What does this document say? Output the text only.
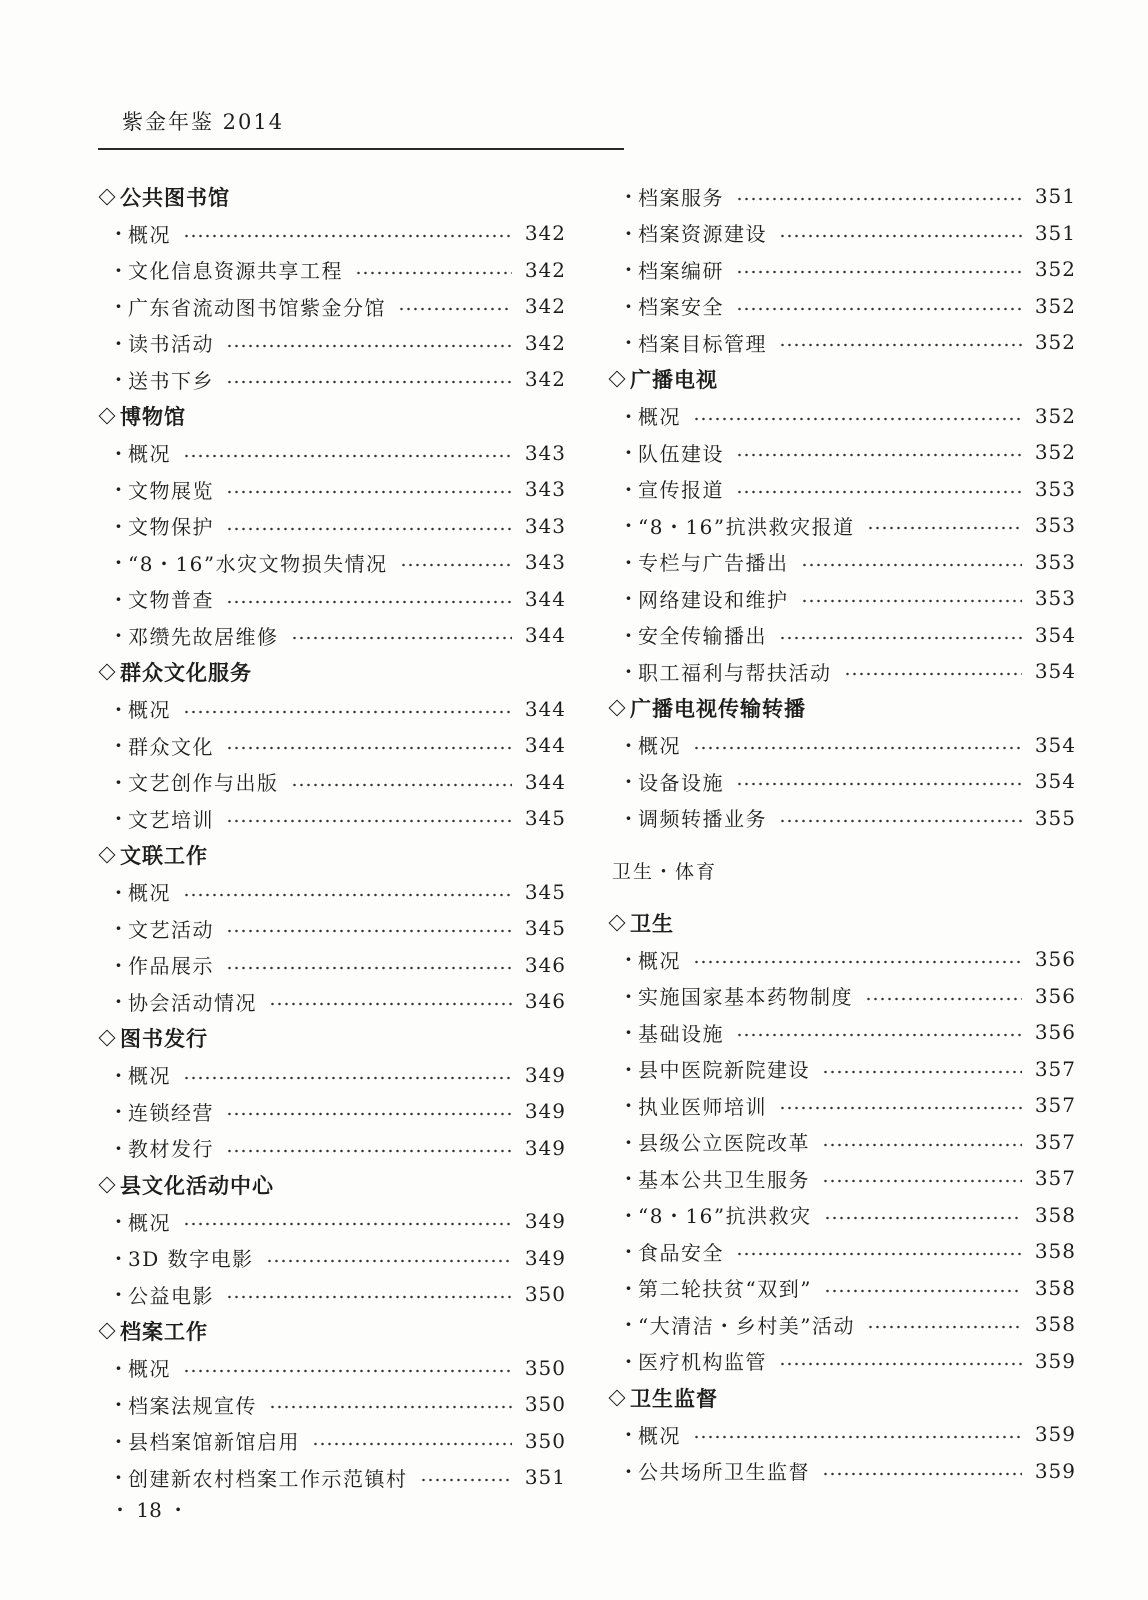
紫金年鉴 2014
公共图书馆
· 概况	342
· 文化信息资源共享工程	342
· 广东省流动图书馆紫金分馆	342
· 读书活动	342
· 送书下乡	342
博物馆
· 概况	343
· 文物展览	343
· 文物保护	343
· “8・16”水灾文物损失情况	343
· 文物普查	344
· 邓缵先故居维修	344
群众文化服务
· 概况	344
· 群众文化	344
· 文艺创作与出版	344
· 文艺培训	345
文联工作
· 概况	345
· 文艺活动	345
· 作品展示	346
· 协会活动情况	346
图书发行
· 概况	349
· 连锁经营	349
· 教材发行	349
县文化活动中心
· 概况	349
· 3D 数字电影	349
· 公益电影	350
档案工作
· 概况	350
· 档案法规宣传	350
· 县档案馆新馆启用	350
· 创建新农村档案工作示范镇村	351
· 档案服务	351
· 档案资源建设	351
· 档案编研	352
· 档案安全	352
· 档案目标管理	352
广播电视
· 概况	352
· 队伍建设	352
· 宣传报道	353
· “8・16”抗洪救灾报道	353
· 专栏与广告播出	353
· 网络建设和维护	353
· 安全传输播出	354
· 职工福利与帮扶活动	354
广播电视传输转播
· 概况	354
· 设备设施	354
· 调频转播业务	355
卫生・体育
卫生
· 概况	356
· 实施国家基本药物制度	356
· 基础设施	356
· 县中医院新院建设	357
· 执业医师培训	357
· 县级公立医院改革	357
· 基本公共卫生服务	357
· “8・16”抗洪救灾	358
· 食品安全	358
· 第二轮扶贫“双到”	358
· “大清洁・乡村美”活动	358
· 医疗机构监管	359
卫生监督
· 概况	359
· 公共场所卫生监督	359
・ 18 ・
